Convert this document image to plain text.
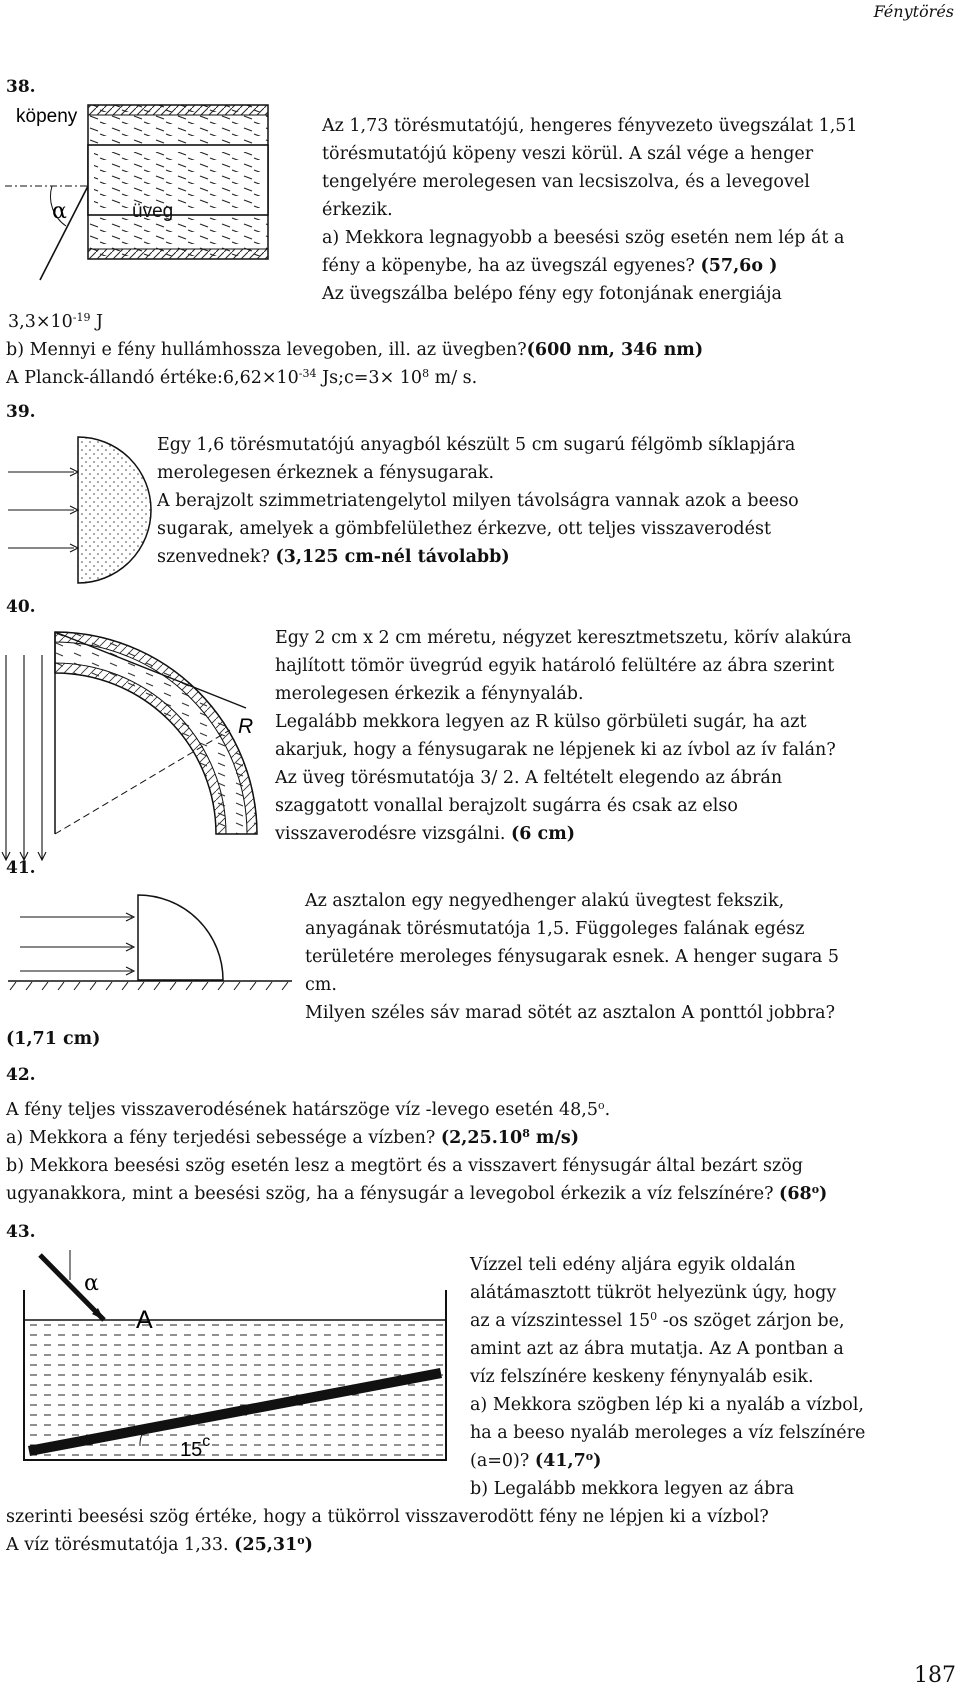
Fénytörés
38.
köpeny
üveg
α
Az 1,73 törésmutatójú, hengeres fényvezeto üvegszálat 1,51
törésmutatójú köpeny veszi körül. A szál vége a henger
tengelyére merolegesen van lecsiszolva, és a levegovel
érkezik.
a) Mekkora legnagyobb a beesési szög esetén nem lép át a
fény a köpenybe, ha az üvegszál egyenes? (57,6o )
Az üvegszálba belépo fény egy fotonjának energiája
$3,3\times 10^{-19}$ J
b) Mennyi e fény hullámhossza levegoben, ill. az üvegben?(600 nm, 346 nm)
A Planck-állandó $értéke:6,62\times 10^{-34}$ Js;c=3× $10^8$ m/ s.
39.
Egy 1,6 törésmutatójú anyagból készült 5 cm sugarú félgömb síklapjára
merolegesen érkeznek a fénysugarak.
A berajzolt szimmetriatengelytol milyen távolságra vannak azok a beeso
sugarak, amelyek a gömbfelülethez érkezve, ott teljes visszaverodést
szenvednek? (3,125 cm-nél távolabb)
40.
R
Egy 2 cm x 2 cm méretu, négyzet keresztmetszetu, körív alakúra
hajlított tömör üvegrúd egyik határoló felültére az ábra szerint
merolegesen érkezik a fénynyaláb.
Legalább mekkora legyen az R külso görbületi sugár, ha azt
akarjuk, hogy a fénysugarak ne lépjenek ki az ívbol az ív falán?
Az üveg törésmutatója 3/ 2. A feltételt elegendo az ábrán
szaggatott vonallal berajzolt sugárra és csak az elso
visszaverodésre vizsgálni. (6 cm)
41.
Az asztalon egy negyedhenger alakú üvegtest fekszik,
anyagának törésmutatója 1,5. Függoleges falának egész
területére meroleges fénysugarak esnek. A henger sugara 5
cm.
Milyen széles sáv marad sötét az asztalon A ponttól jobbra?
(1,71 cm)
42.
A fény teljes visszaverodésének határszöge víz -levego esetén 48,5$^o$.
a) Mekkora a fény terjedési sebessége a vízben? (2,25.10$^8$ m/s)
b) Mekkora beesési szög esetén lesz a megtört és a visszavert fénysugár által bezárt szög
ugyanakkora, mint a beesési szög, ha a fénysugár a levegobol érkezik a víz felszínére? (68$^o$)
43.
α
A
15$^c$
Vízzel teli edény aljára egyik oldalán
alátámasztott tükröt helyezünk úgy, hogy
az a vízszintessel $15^0$ -os szöget zárjon be,
amint azt az ábra mutatja. Az A pontban a
víz felszínére keskeny fénynyaláb esik.
a) Mekkora szögben lép ki a nyaláb a vízbol,
ha a beeso nyaláb meroleges a víz felszínére
(a=0)? (41,7$^o$)
b) Legalább mekkora legyen az ábra
szerinti beesési szög értéke, hogy a tükörrol visszaverodött fény ne lépjen ki a vízbol?
A víz törésmutatója 1,33. (25,31$^o$)
187
